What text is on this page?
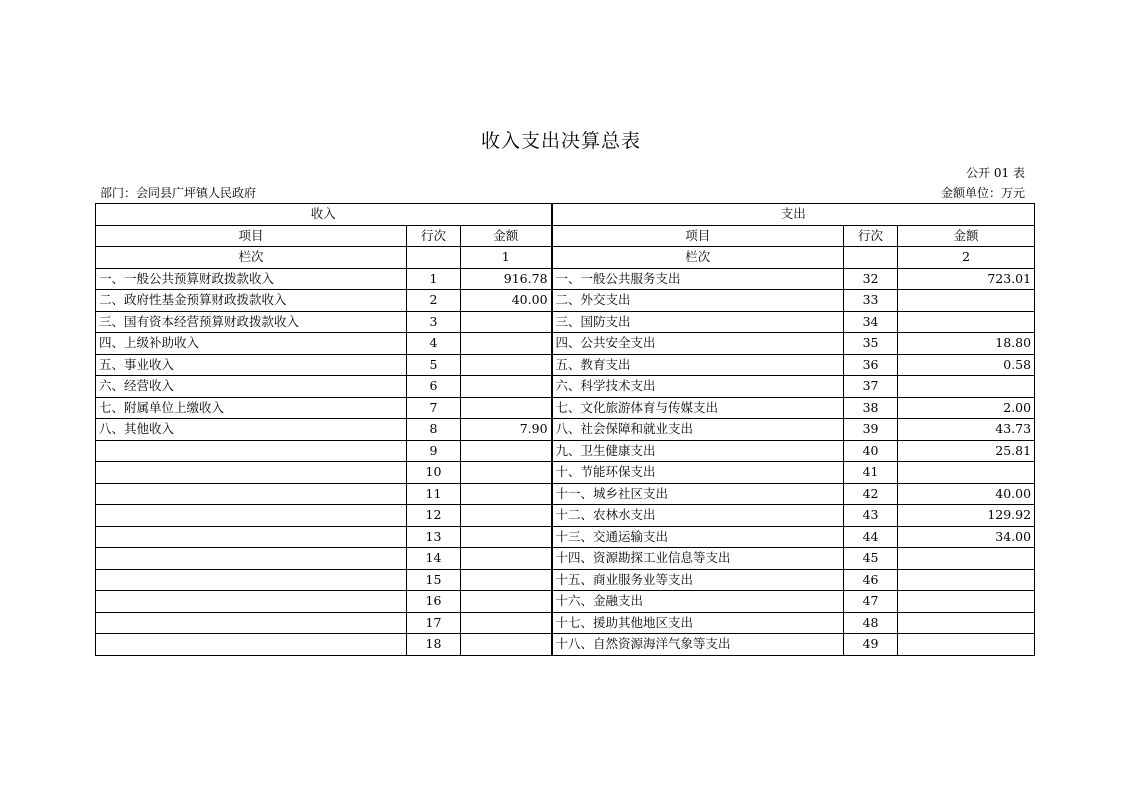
收入支出决算总表
公开 01 表
部门：会同县广坪镇人民政府	金额单位：万元
收入			支出		
项目	行次	金额	项目	行次	金额
栏次		1	栏次		2
一、一般公共预算财政拨款收入	1	916.78	一、一般公共服务支出	32	723.01
二、政府性基金预算财政拨款收入	2	40.00	二、外交支出	33	
三、国有资本经营预算财政拨款收入	3		三、国防支出	34	
四、上级补助收入	4		四、公共安全支出	35	18.80
五、事业收入	5		五、教育支出	36	0.58
六、经营收入	6		六、科学技术支出	37	
七、附属单位上缴收入	7		七、文化旅游体育与传媒支出	38	2.00
八、其他收入	8	7.90	八、社会保障和就业支出	39	43.73
	9		九、卫生健康支出	40	25.81
	10		十、节能环保支出	41	
	11		十一、城乡社区支出	42	40.00
	12		十二、农林水支出	43	129.92
	13		十三、交通运输支出	44	34.00
	14		十四、资源勘探工业信息等支出	45	
	15		十五、商业服务业等支出	46	
	16		十六、金融支出	47	
	17		十七、援助其他地区支出	48	
	18		十八、自然资源海洋气象等支出	49	
